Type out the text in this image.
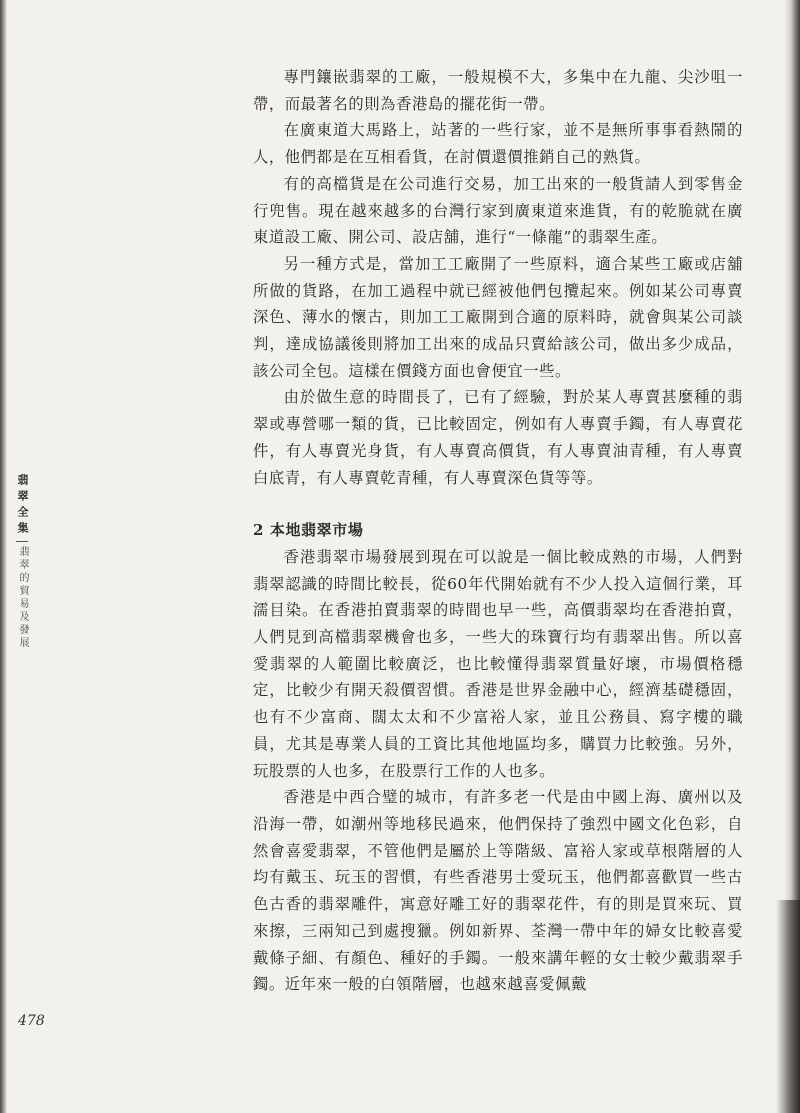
翡翠全集
翡翠的貿易及發展

專門鑲嵌翡翠的工廠，一般規模不大，多集中在九龍、尖沙咀一帶，而最著名的則為香港島的擺花街一帶。

在廣東道大馬路上，站著的一些行家，並不是無所事事看熱鬧的人，他們都是在互相看貨，在討價還價推銷自己的熟貨。

有的高檔貨是在公司進行交易，加工出來的一般貨請人到零售金行兜售。現在越來越多的台灣行家到廣東道來進貨，有的乾脆就在廣東道設工廠、開公司、設店舖，進行“一條龍”的翡翠生產。

另一種方式是，當加工工廠開了一些原料，適合某些工廠或店舖所做的貨路，在加工過程中就已經被他們包攬起來。例如某公司專賣深色、薄水的懷古，則加工工廠開到合適的原料時，就會與某公司談判，達成協議後則將加工出來的成品只賣給該公司，做出多少成品，該公司全包。這樣在價錢方面也會便宜一些。

由於做生意的時間長了，已有了經驗，對於某人專賣甚麼種的翡翠或專營哪一類的貨，已比較固定，例如有人專賣手鐲，有人專賣花件，有人專賣光身貨，有人專賣高價貨，有人專賣油青種，有人專賣白底青，有人專賣乾青種，有人專賣深色貨等等。

2 本地翡翠市場

香港翡翠市場發展到現在可以說是一個比較成熟的市場，人們對翡翠認識的時間比較長，從60年代開始就有不少人投入這個行業，耳濡目染。在香港拍賣翡翠的時間也早一些，高價翡翠均在香港拍賣，人們見到高檔翡翠機會也多，一些大的珠寶行均有翡翠出售。所以喜愛翡翠的人範圍比較廣泛，也比較懂得翡翠質量好壞，市場價格穩定，比較少有開天殺價習慣。香港是世界金融中心，經濟基礎穩固，也有不少富商、闊太太和不少富裕人家，並且公務員、寫字樓的職員，尤其是專業人員的工資比其他地區均多，購買力比較強。另外，玩股票的人也多，在股票行工作的人也多。

香港是中西合璧的城市，有許多老一代是由中國上海、廣州以及沿海一帶，如潮州等地移民過來，他們保持了強烈中國文化色彩，自然會喜愛翡翠，不管他們是屬於上等階級、富裕人家或草根階層的人均有戴玉、玩玉的習慣，有些香港男士愛玩玉，他們都喜歡買一些古色古香的翡翠雕件，寓意好雕工好的翡翠花件，有的則是買來玩、買來擦，三兩知己到處搜獵。例如新界、荃灣一帶中年的婦女比較喜愛戴條子細、有顏色、種好的手鐲。一般來講年輕的女士較少戴翡翠手鐲。近年來一般的白領階層，也越來越喜愛佩戴

478
